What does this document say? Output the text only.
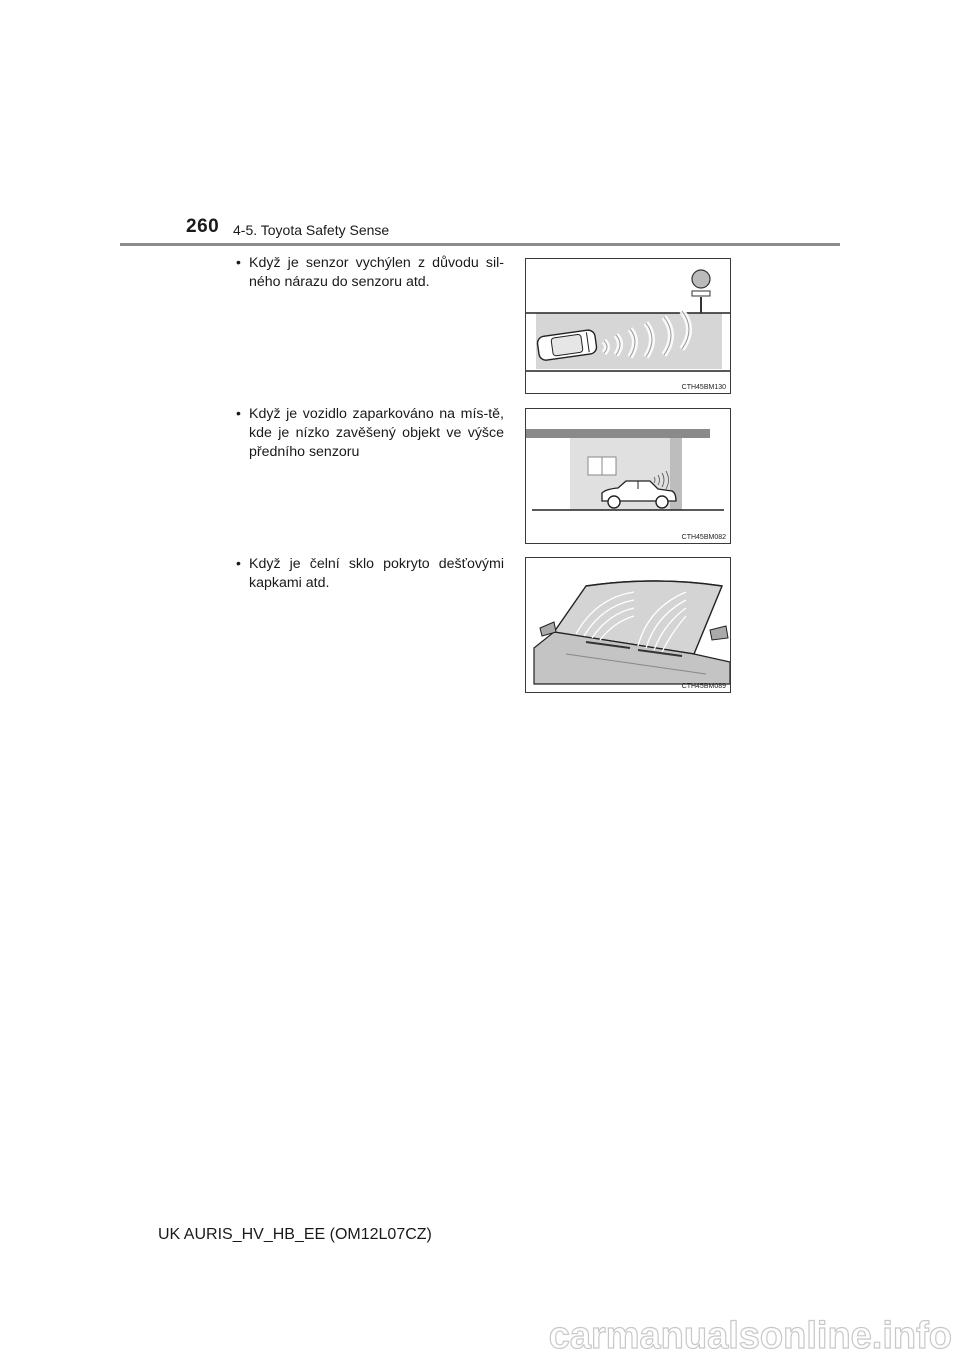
260 4-5. Toyota Safety Sense
• Když je senzor vychýlen z důvodu sil-ného nárazu do senzoru atd.
CTH45BM130
• Když je vozidlo zaparkováno na mís-tě, kde je nízko zavěšený objekt ve výšce předního senzoru
CTH45BM082
• Když je čelní sklo pokryto dešťovými kapkami atd.
CTH45BM089
UK AURIS_HV_HB_EE (OM12L07CZ)
carmanualsonline.info
